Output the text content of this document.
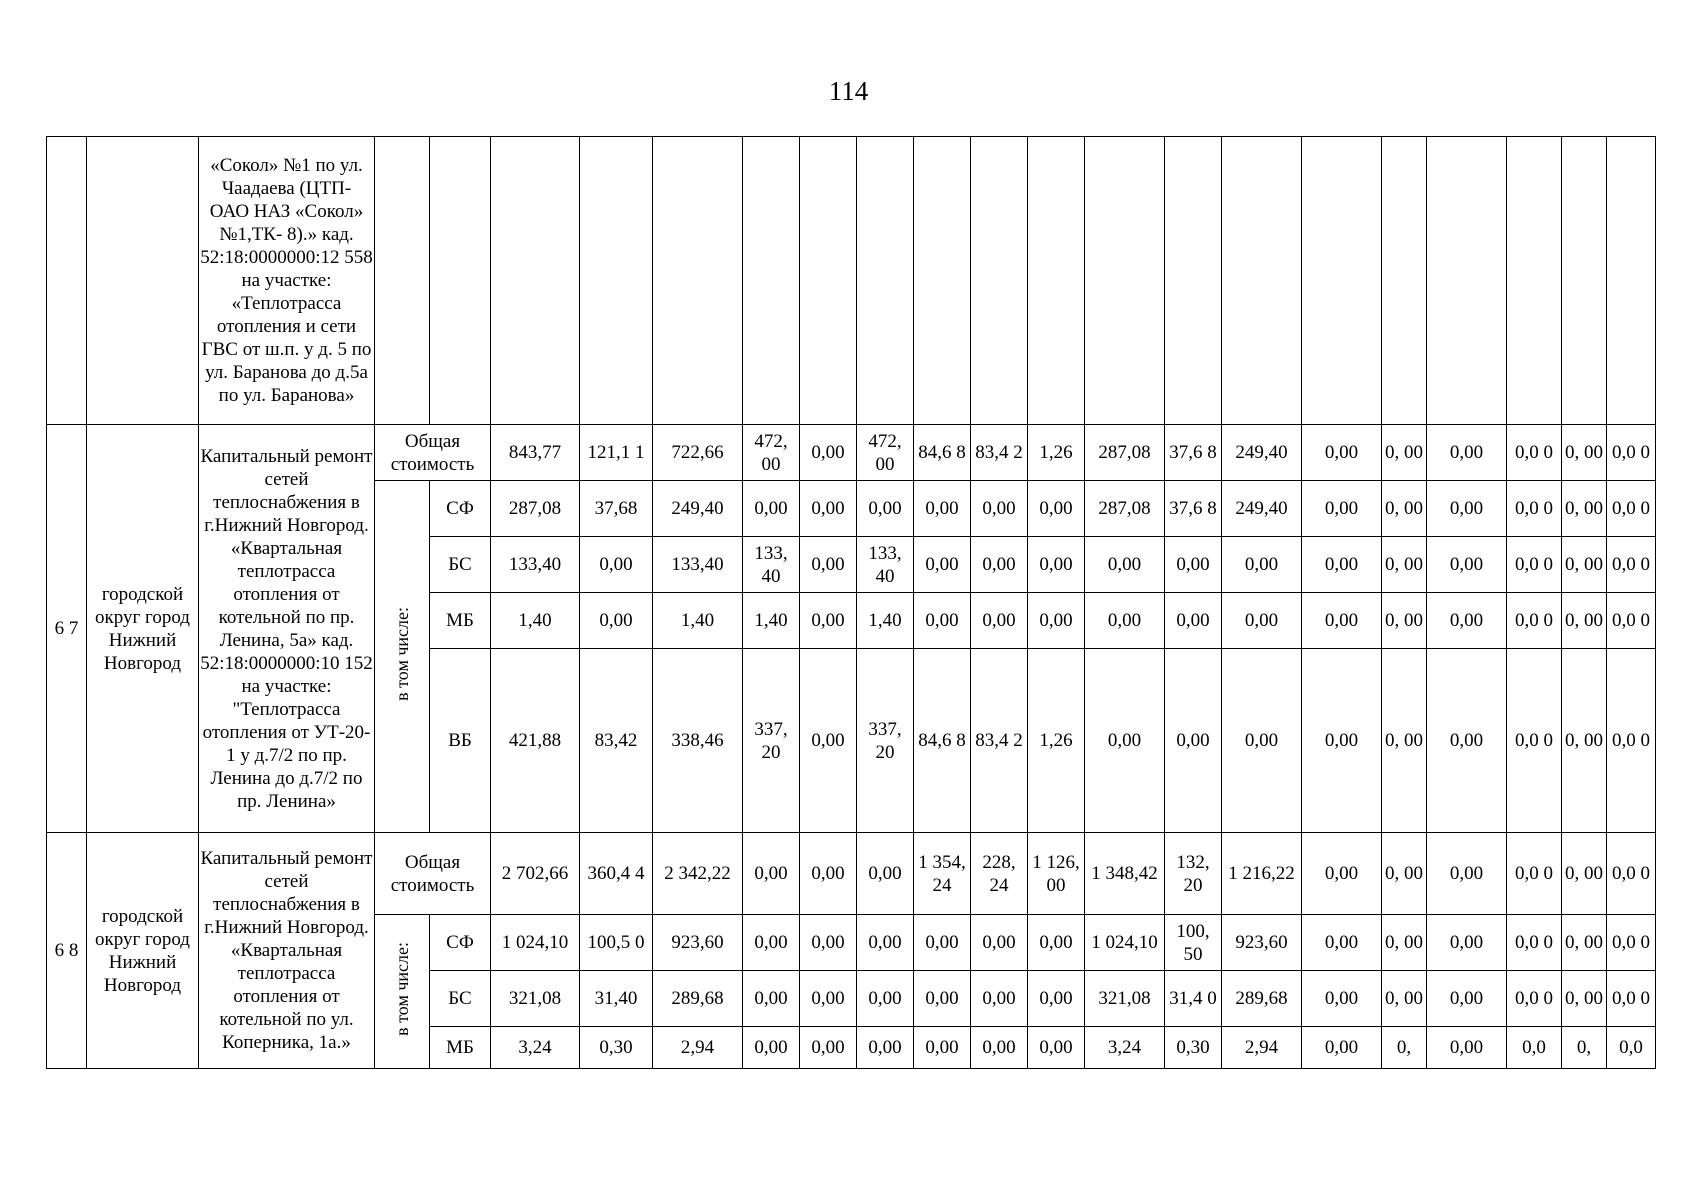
114
		«Сокол» №1 по ул. Чаадаева (ЦТП- ОАО НАЗ «Сокол» №1,ТК- 8).» кад. 52:18:0000000:12 558 на участке: «Теплотрасса отопления и сети ГВС от ш.п. у д. 5 по ул. Баранова до д.5а по ул. Баранова»																				
6 7	городской округ город Нижний Новгород	Капитальный ремонт сетей теплоснабжения в г.Нижний Новгород. «Квартальная теплотрасса отопления от котельной по пр. Ленина, 5а» кад. 52:18:0000000:10 152 на участке: "Теплотрасса отопления от УТ-20-1 у д.7/2 по пр. Ленина до д.7/2 по пр. Ленина»	Общая стоимость		843,77	121,1 1	722,66	472, 00	0,00	472, 00	84,6 8	83,4 2	1,26	287,08	37,6 8	249,40	0,00	0, 00	0,00	0,0 0	0, 00	0,0 0
			в том числе:	СФ	287,08	37,68	249,40	0,00	0,00	0,00	0,00	0,00	0,00	287,08	37,6 8	249,40	0,00	0, 00	0,00	0,0 0	0, 00	0,0 0
				БС	133,40	0,00	133,40	133, 40	0,00	133, 40	0,00	0,00	0,00	0,00	0,00	0,00	0,00	0, 00	0,00	0,0 0	0, 00	0,0 0
				МБ	1,40	0,00	1,40	1,40	0,00	1,40	0,00	0,00	0,00	0,00	0,00	0,00	0,00	0, 00	0,00	0,0 0	0, 00	0,0 0
				ВБ	421,88	83,42	338,46	337, 20	0,00	337, 20	84,6 8	83,4 2	1,26	0,00	0,00	0,00	0,00	0, 00	0,00	0,0 0	0, 00	0,0 0
6 8	городской округ город Нижний Новгород	Капитальный ремонт сетей теплоснабжения в г.Нижний Новгород. «Квартальная теплотрасса отопления от котельной по ул. Коперника, 1а.»	Общая стоимость		2 702,66	360,4 4	2 342,22	0,00	0,00	0,00	1 354, 24	228, 24	1 126, 00	1 348,42	132, 20	1 216,22	0,00	0, 00	0,00	0,0 0	0, 00	0,0 0
			в том числе:	СФ	1 024,10	100,5 0	923,60	0,00	0,00	0,00	0,00	0,00	0,00	1 024,10	100, 50	923,60	0,00	0, 00	0,00	0,0 0	0, 00	0,0 0
				БС	321,08	31,40	289,68	0,00	0,00	0,00	0,00	0,00	0,00	321,08	31,4 0	289,68	0,00	0, 00	0,00	0,0 0	0, 00	0,0 0
				МБ	3,24	0,30	2,94	0,00	0,00	0,00	0,00	0,00	0,00	3,24	0,30	2,94	0,00	0,	0,00	0,0	0,	0,0
